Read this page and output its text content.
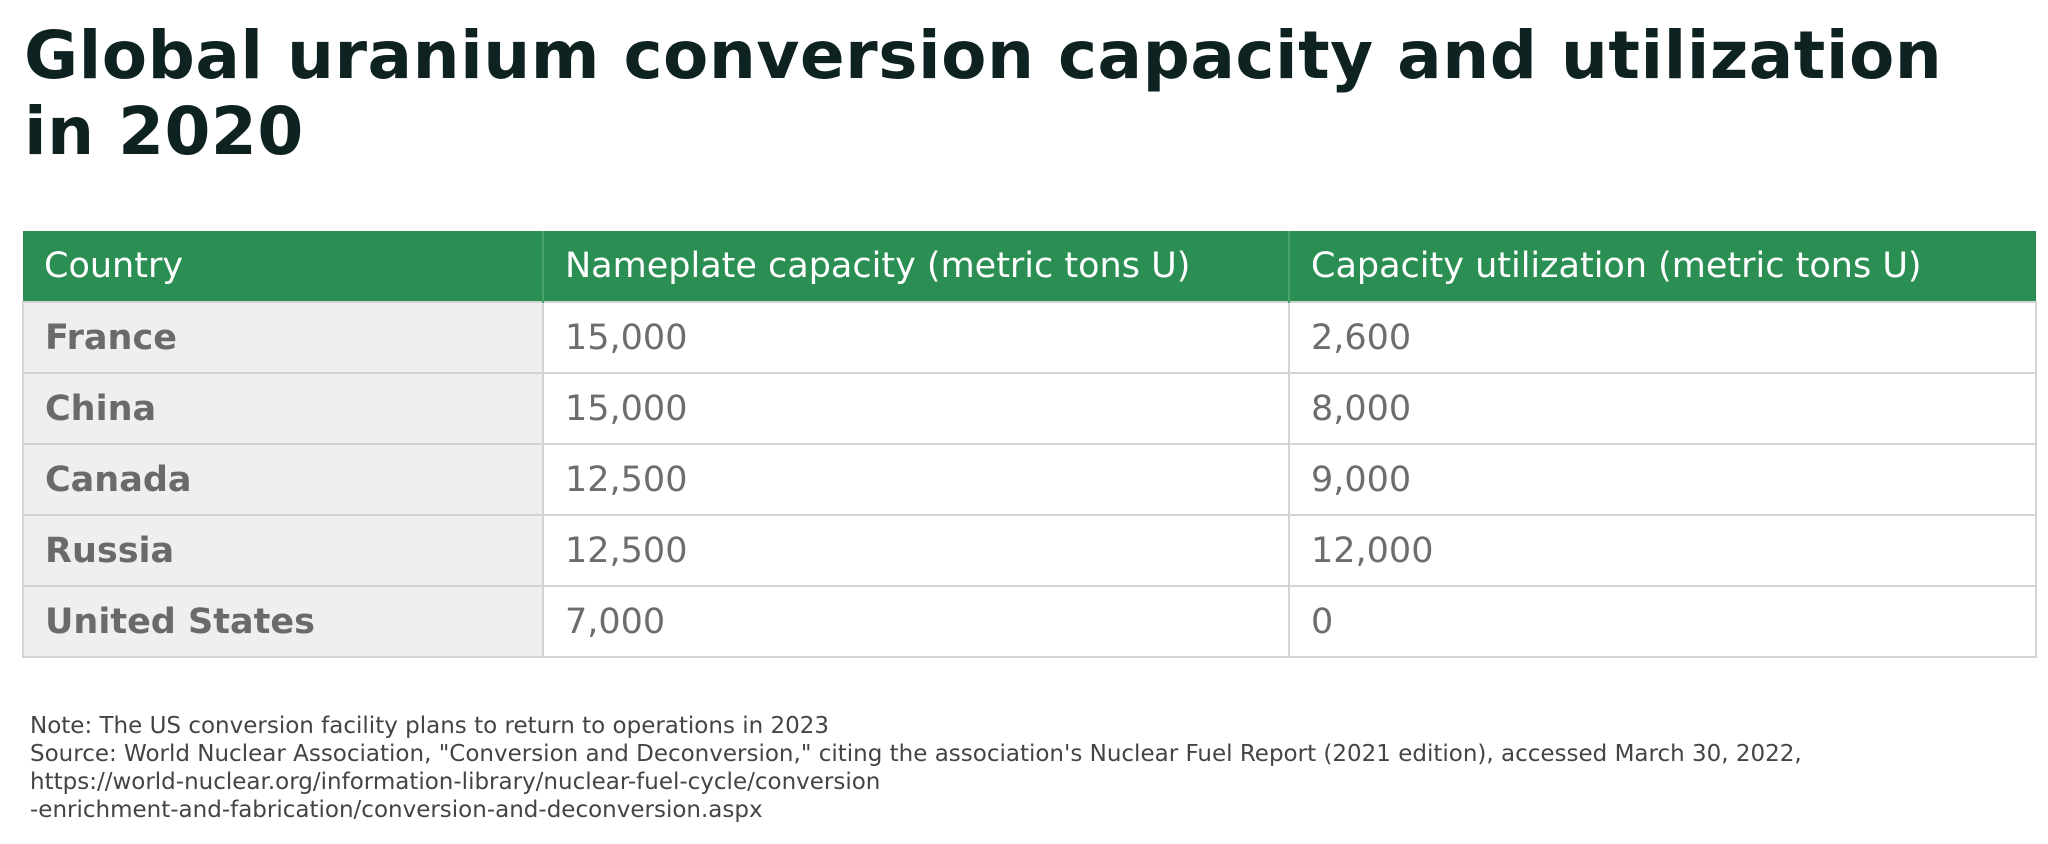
Global uranium conversion capacity and utilization in 2020
Country	Nameplate capacity (metric tons U)	Capacity utilization (metric tons U)
France	15,000	2,600
China	15,000	8,000
Canada	12,500	9,000
Russia	12,500	12,000
United States	7,000	0
Note: The US conversion facility plans to return to operations in 2023
Source: World Nuclear Association, "Conversion and Deconversion," citing the association's Nuclear Fuel Report (2021 edition), accessed March 30, 2022,
https://world-nuclear.org/information-library/nuclear-fuel-cycle/conversion
-enrichment-and-fabrication/conversion-and-deconversion.aspx
